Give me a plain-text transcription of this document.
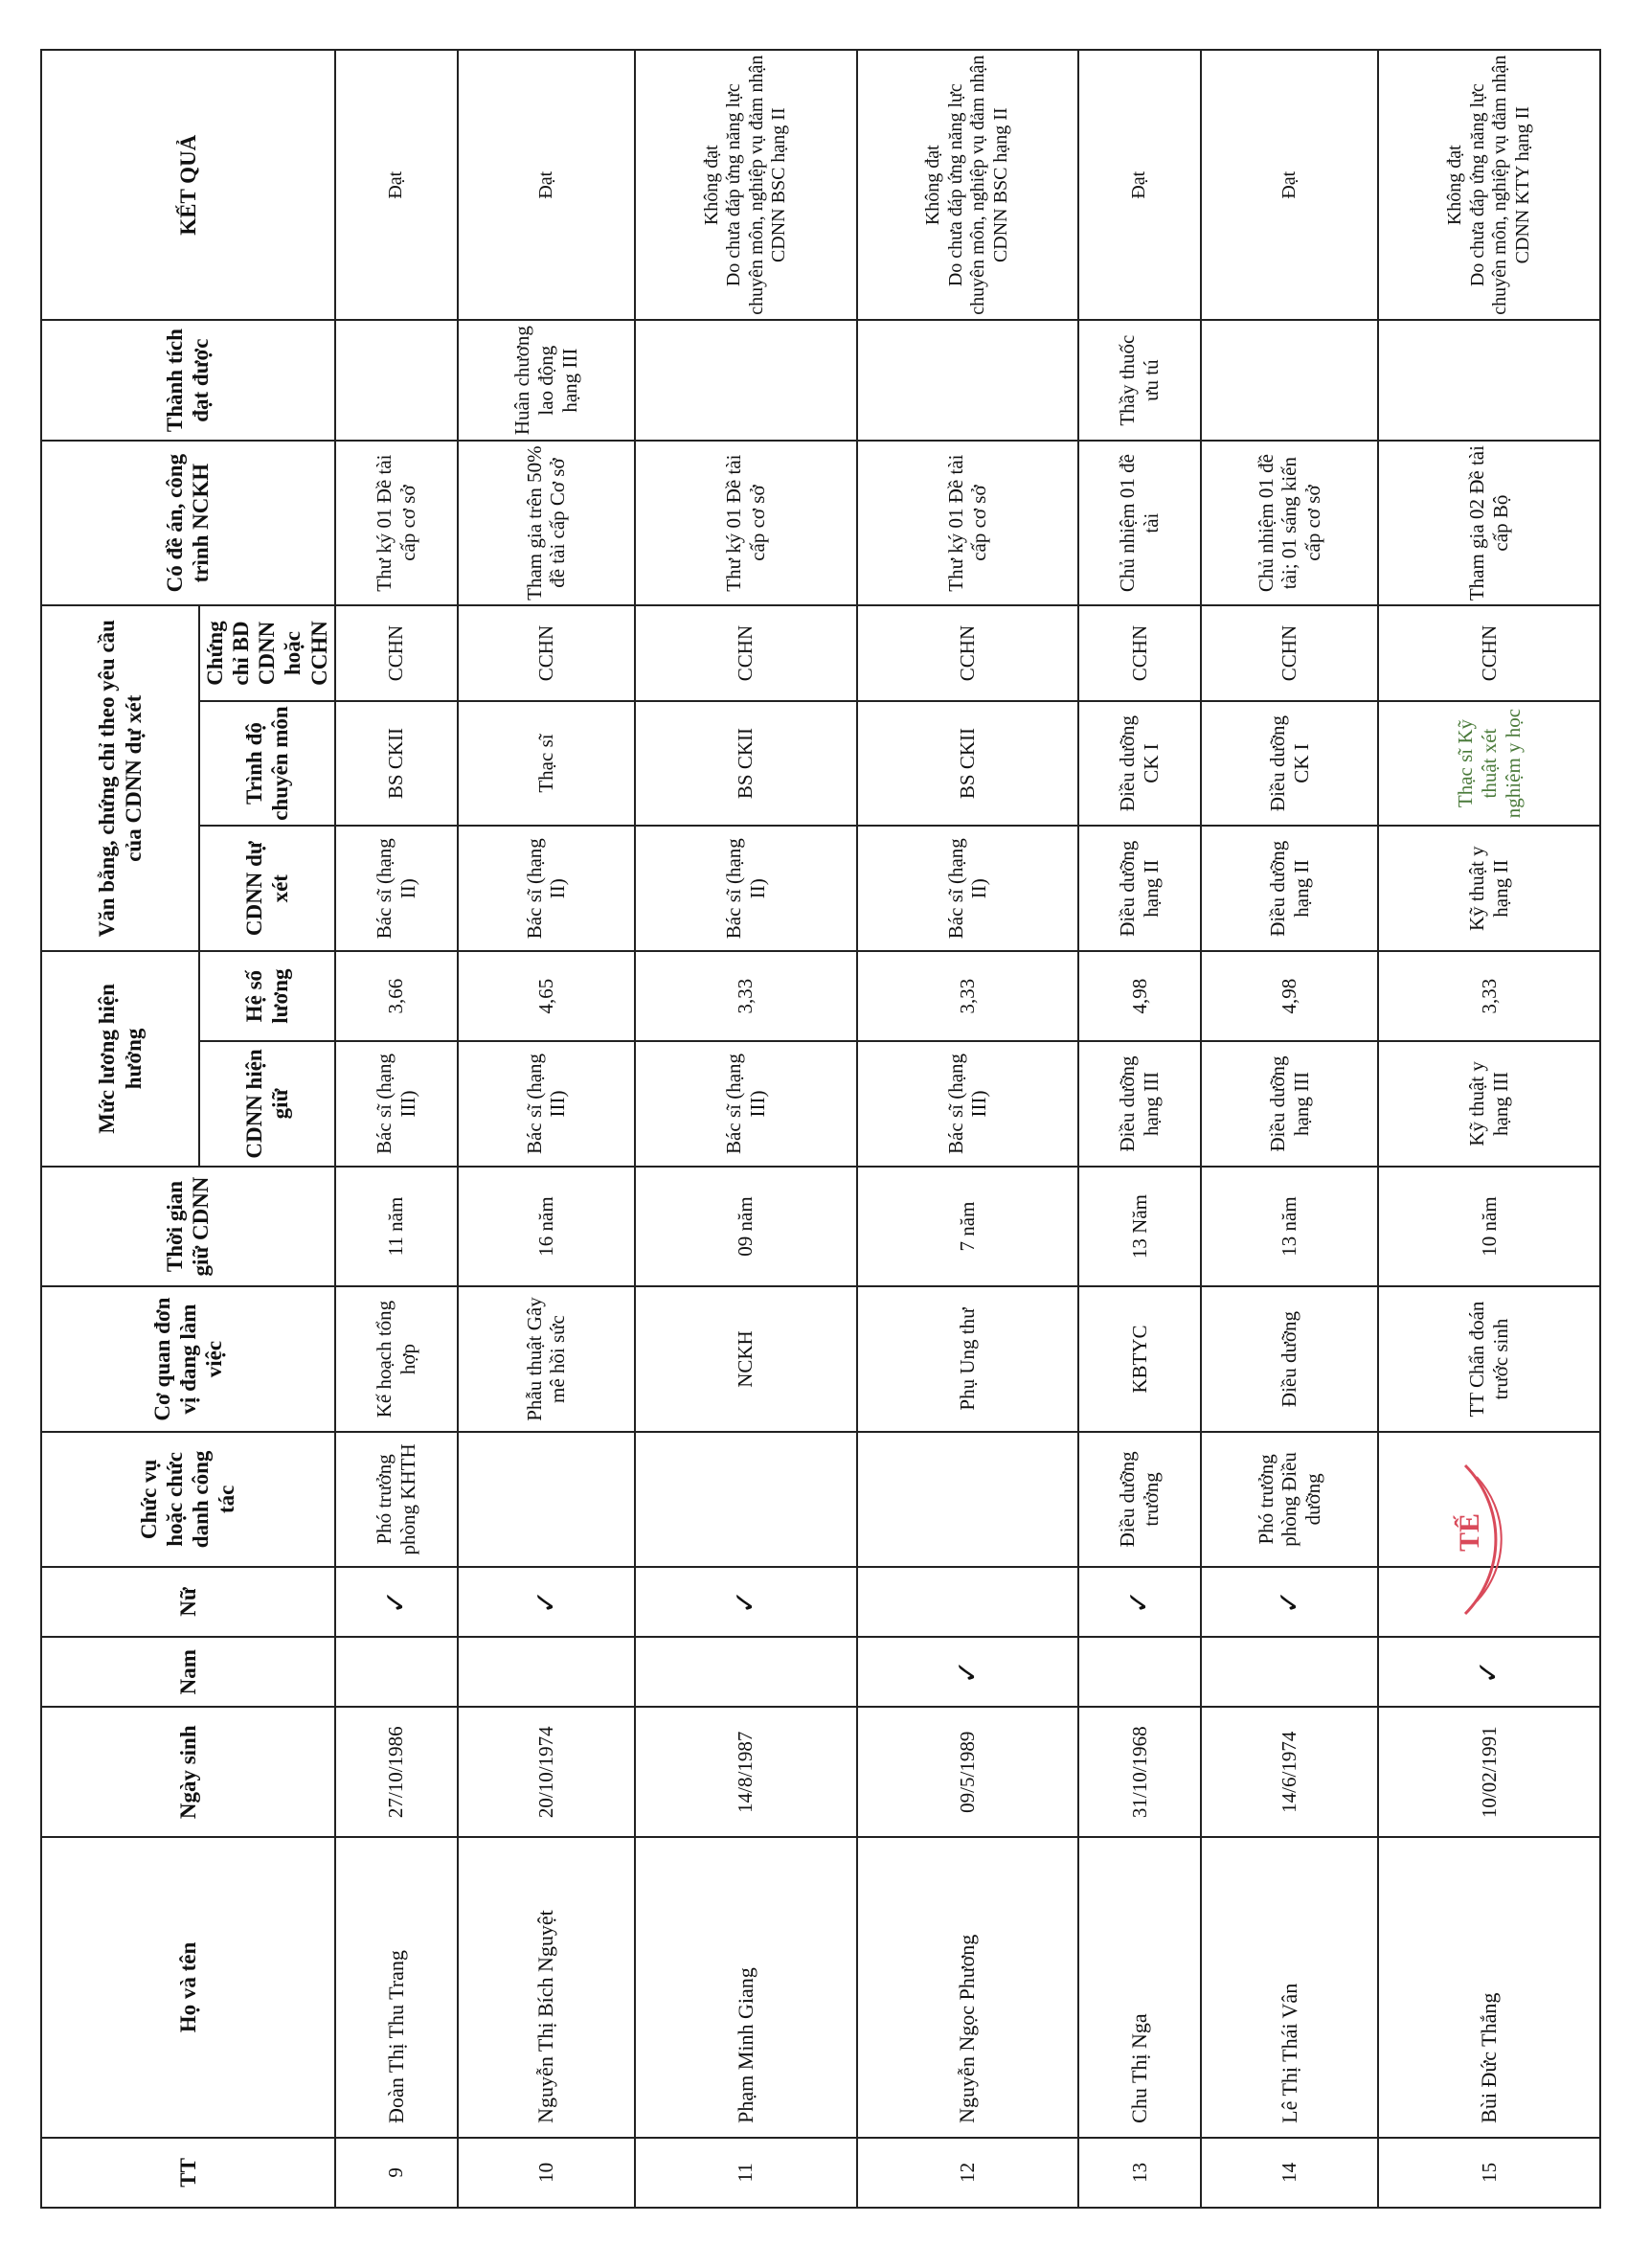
TT	Họ và tên	Ngày sinh	Nam	Nữ	Chức vụ hoặc chức danh công tác	Cơ quan đơn vị đang làm việc	Thời gian giữ CDNN	Mức lương hiện hưởng		Văn bằng, chứng chỉ theo yêu cầu của CDNN dự xét			Có đề án, công trình NCKH	Thành tích đạt được	KẾT QUẢ
								CDNN hiện giữ	Hệ số lương	CDNN dự xét	Trình độ chuyên môn	Chứng chỉ BD CDNN hoặc CCHN			
9	Đoàn Thị Thu Trang	27/10/1986		✓	Phó trưởng phòng KHTH	Kế hoạch tổng hợp	11 năm	Bác sĩ (hạng III)	3,66	Bác sĩ (hạng II)	BS CKII	CCHN	Thư ký 01 Đề tài cấp cơ sở		Đạt
10	Nguyễn Thị Bích Nguyệt	20/10/1974		✓		Phẫu thuật Gây mê hồi sức	16 năm	Bác sĩ (hạng III)	4,65	Bác sĩ (hạng II)	Thạc sĩ	CCHN	Tham gia trên 50% đề tài cấp Cơ sở	Huân chương lao động hạng III	Đạt
11	Phạm Minh Giang	14/8/1987		✓		NCKH	09 năm	Bác sĩ (hạng III)	3,33	Bác sĩ (hạng II)	BS CKII	CCHN	Thư ký 01 Đề tài cấp cơ sở		Không đạt
Do chưa đáp ứng năng lực chuyên môn, nghiệp vụ đảm nhận CDNN BSC hạng II
12	Nguyễn Ngọc Phương	09/5/1989	✓			Phụ Ung thư	7 năm	Bác sĩ (hạng III)	3,33	Bác sĩ (hạng II)	BS CKII	CCHN	Thư ký 01 Đề tài cấp cơ sở		Không đạt
Do chưa đáp ứng năng lực chuyên môn, nghiệp vụ đảm nhận CDNN BSC hạng II
13	Chu Thị Nga	31/10/1968		✓	Điều dưỡng trưởng	KBTYC	13 Năm	Điều dưỡng hạng III	4,98	Điều dưỡng hạng II	Điều dưỡng CK I	CCHN	Chủ nhiệm 01 đề tài	Thầy thuốc ưu tú	Đạt
14	Lê Thị Thái Vân	14/6/1974		✓	Phó trưởng phòng Điều dưỡng	Điều dưỡng	13 năm	Điều dưỡng hạng III	4,98	Điều dưỡng hạng II	Điều dưỡng CK I	CCHN	Chủ nhiệm 01 đề tài; 01 sáng kiến cấp cơ sở		Đạt
15	Bùi Đức Thắng	10/02/1991	✓			TT Chẩn đoán trước sinh	10 năm	Kỹ thuật y hạng III	3,33	Kỹ thuật y hạng II	Thạc sĩ Kỹ thuật xét nghiệm y học	CCHN	Tham gia 02 Đề tài cấp Bộ		Không đạt
Do chưa đáp ứng năng lực chuyên môn, nghiệp vụ đảm nhận CDNN KTY hạng II
TẾ
